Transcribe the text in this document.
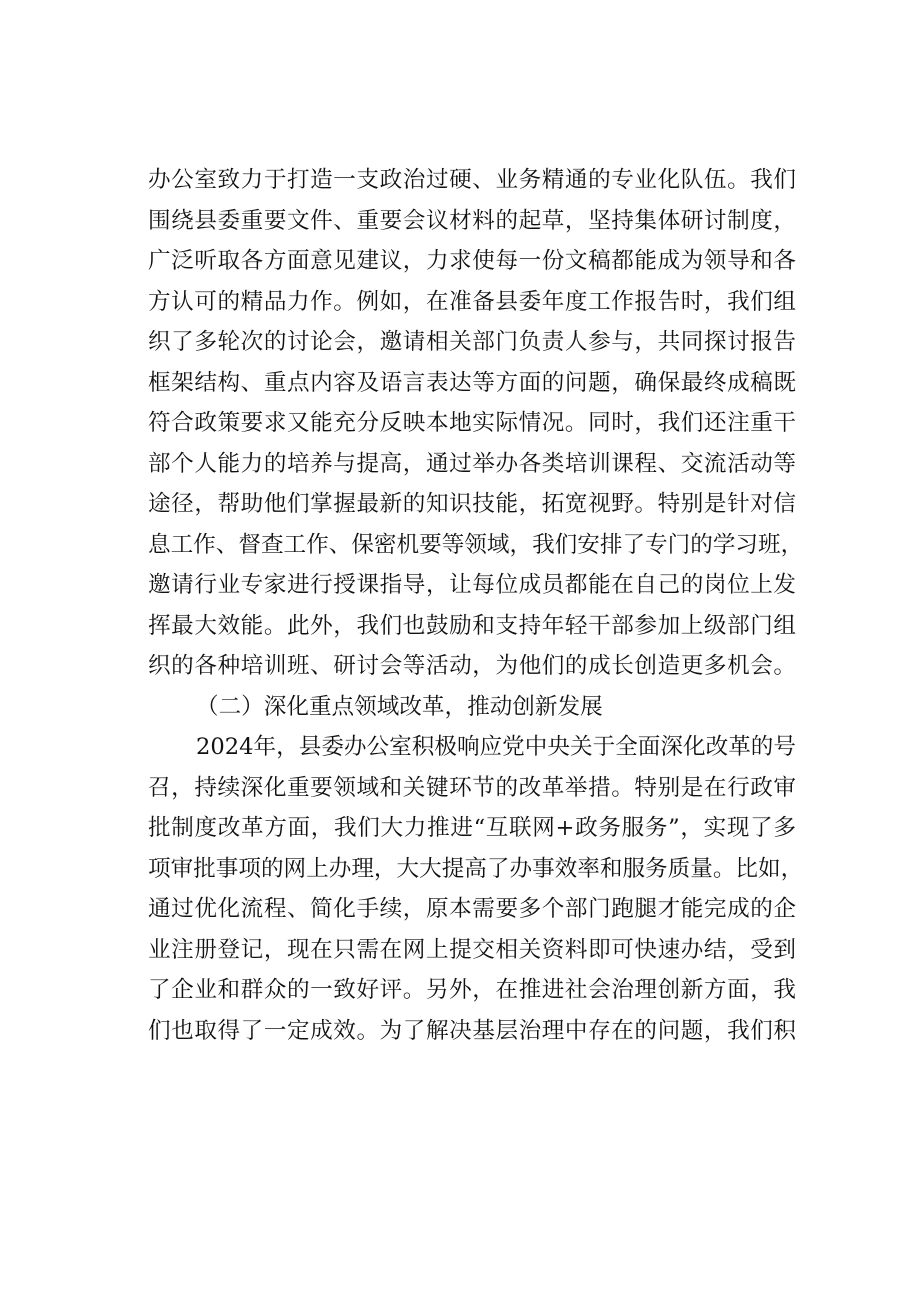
办公室致力于打造一支政治过硬、业务精通的专业化队伍。我们
围绕县委重要文件、重要会议材料的起草，坚持集体研讨制度，
广泛听取各方面意见建议，力求使每一份文稿都能成为领导和各
方认可的精品力作。例如，在准备县委年度工作报告时，我们组
织了多轮次的讨论会，邀请相关部门负责人参与，共同探讨报告
框架结构、重点内容及语言表达等方面的问题，确保最终成稿既
符合政策要求又能充分反映本地实际情况。同时，我们还注重干
部个人能力的培养与提高，通过举办各类培训课程、交流活动等
途径，帮助他们掌握最新的知识技能，拓宽视野。特别是针对信
息工作、督查工作、保密机要等领域，我们安排了专门的学习班，
邀请行业专家进行授课指导，让每位成员都能在自己的岗位上发
挥最大效能。此外，我们也鼓励和支持年轻干部参加上级部门组
织的各种培训班、研讨会等活动，为他们的成长创造更多机会。
（二）深化重点领域改革，推动创新发展
2024年，县委办公室积极响应党中央关于全面深化改革的号
召，持续深化重要领域和关键环节的改革举措。特别是在行政审
批制度改革方面，我们大力推进“互联网+政务服务”，实现了多
项审批事项的网上办理，大大提高了办事效率和服务质量。比如，
通过优化流程、简化手续，原本需要多个部门跑腿才能完成的企
业注册登记，现在只需在网上提交相关资料即可快速办结，受到
了企业和群众的一致好评。另外，在推进社会治理创新方面，我
们也取得了一定成效。为了解决基层治理中存在的问题，我们积
